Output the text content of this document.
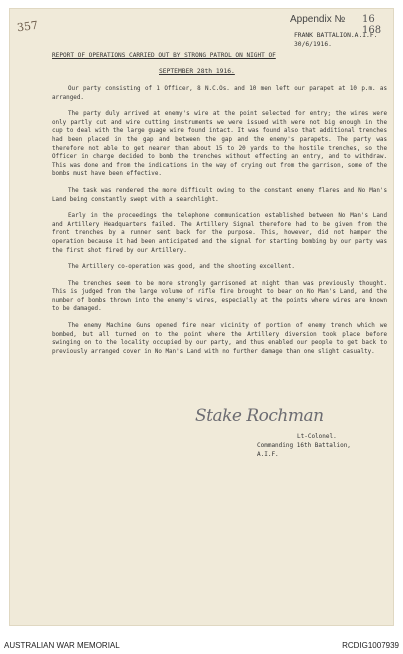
357	Appendix № 16 168
FRANK BATTALION.A.I.F.
30/6/1916.
REPORT OF OPERATIONS CARRIED OUT BY STRONG PATROL ON NIGHT OF
SEPTEMBER 28th 1916.

Our party consisting of 1 Officer, 8 N.C.Os. and 10 men left our parapet at 10 p.m. as arranged.

The party duly arrived at enemy's wire at the point selected for entry; the wires were only partly cut and wire cutting instruments we were issued with were not big enough in the cup to deal with the large guage wire found intact. It was found also that additional trenches had been placed in the gap and between the gap and the enemy's parapets. The party was therefore not able to get nearer than about 15 to 20 yards to the hostile trenches, so the Officer in charge decided to bomb the trenches without effecting an entry, and to withdraw. This was done and from the indications in the way of crying out from the garrison, some of the bombs must have been effective.

The task was rendered the more difficult owing to the constant enemy flares and No Man's Land being constantly swept with a searchlight.

Early in the proceedings the telephone communication established between No Man's Land and Artillery Headquarters failed. The Artillery Signal therefore had to be given from the front trenches by a runner sent back for the purpose. This, however, did not hamper the operation because it had been anticipated and the signal for starting bombing by our party was the first shot fired by our Artillery.

The Artillery co-operation was good, and the shooting excellent.

The trenches seem to be more strongly garrisoned at night than was previously thought. This is judged from the large volume of rifle fire brought to bear on No Man's Land, and the number of bombs thrown into the enemy's wires, especially at the points where wires are known to be damaged.

The enemy Machine Guns opened fire near vicinity of portion of enemy trench which we bombed, but all turned on to the point where the Artillery diversion took place before swinging on to the locality occupied by our party, and thus enabled our people to get back to previously arranged cover in No Man's Land with no further damage than one slight casualty.

Stake Rochman
Lt-Colonel.
Commanding 16th Battalion, A.I.F.
AUSTRALIAN WAR MEMORIAL	RCDIG1007939
